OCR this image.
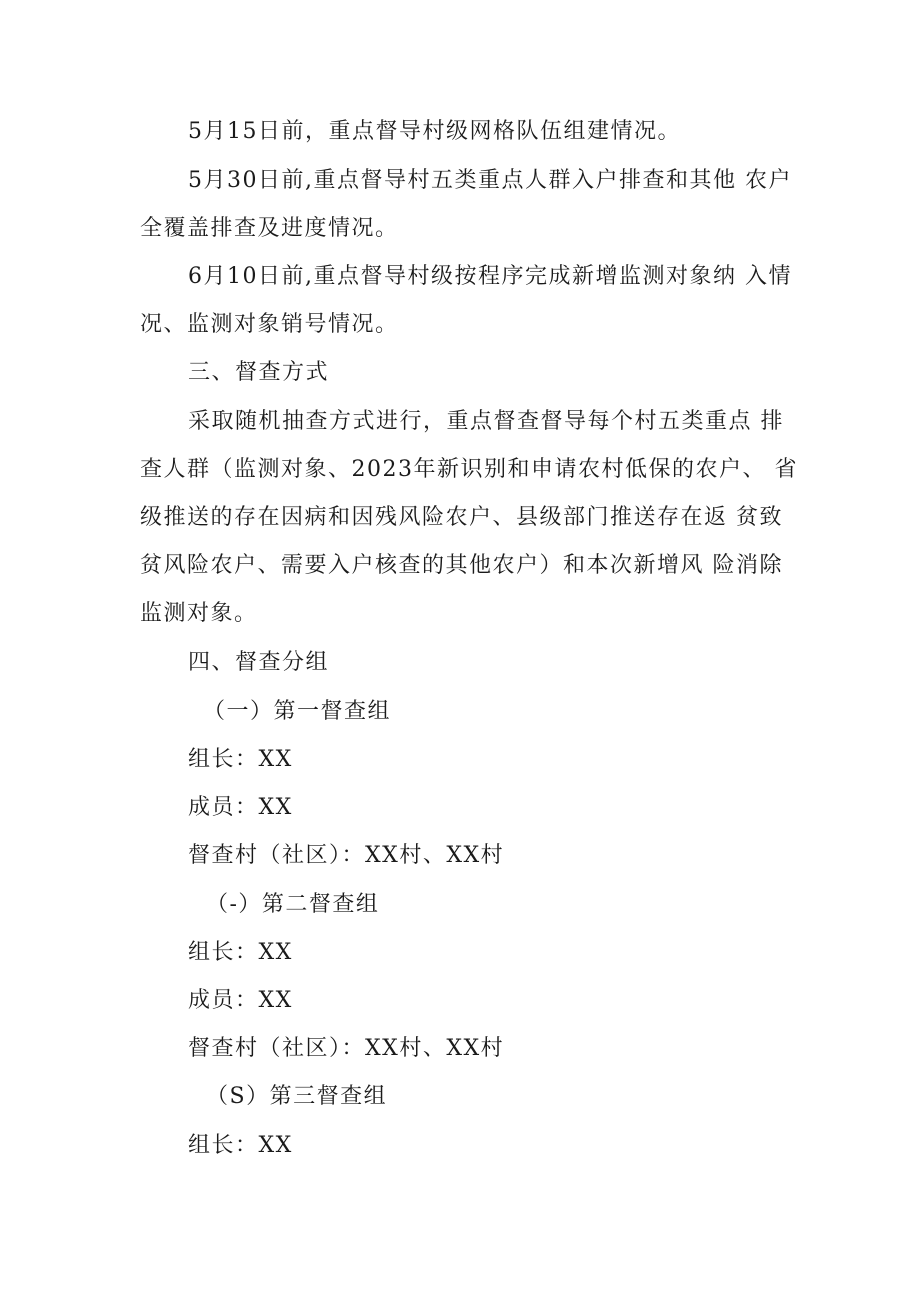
5月15日前，重点督导村级网格队伍组建情况。
5月30日前,重点督导村五类重点人群入户排查和其他 农户
全覆盖排查及进度情况。
6月10日前,重点督导村级按程序完成新增监测对象纳 入情
况、监测对象销号情况。
三、督查方式
采取随机抽查方式进行，重点督查督导每个村五类重点 排
查人群（监测对象、2023年新识别和申请农村低保的农户、 省
级推送的存在因病和因残风险农户、县级部门推送存在返 贫致
贫风险农户、需要入户核查的其他农户）和本次新增风 险消除
监测对象。
四、督查分组
（一）第一督查组
组长：XX
成员：XX
督查村（社区）：XX村、XX村
（-）第二督查组
组长：XX
成员：XX
督查村（社区）：XX村、XX村
（S）第三督查组
组长：XX
